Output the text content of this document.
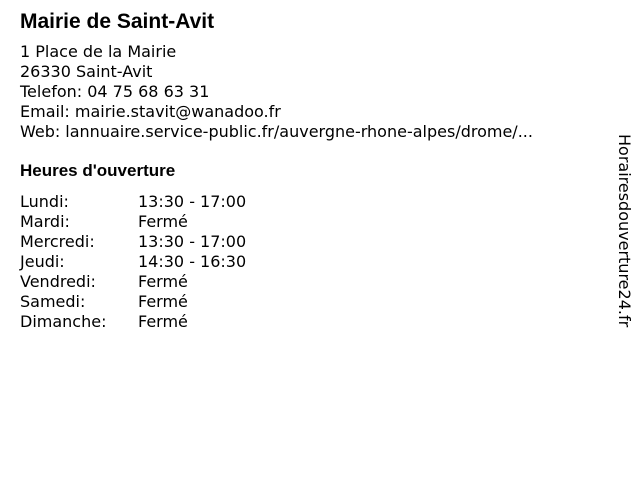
Mairie de Saint-Avit
1 Place de la Mairie
26330 Saint-Avit
Telefon: 04 75 68 63 31
Email: mairie.stavit@wanadoo.fr
Web: lannuaire.service-public.fr/auvergne-rhone-alpes/drome/...
Heures d'ouverture
Lundi:	13:30 - 17:00
Mardi:	Fermé
Mercredi:	13:30 - 17:00
Jeudi:	14:30 - 16:30
Vendredi:	Fermé
Samedi:	Fermé
Dimanche:	Fermé	Horairesdouverture24.fr
